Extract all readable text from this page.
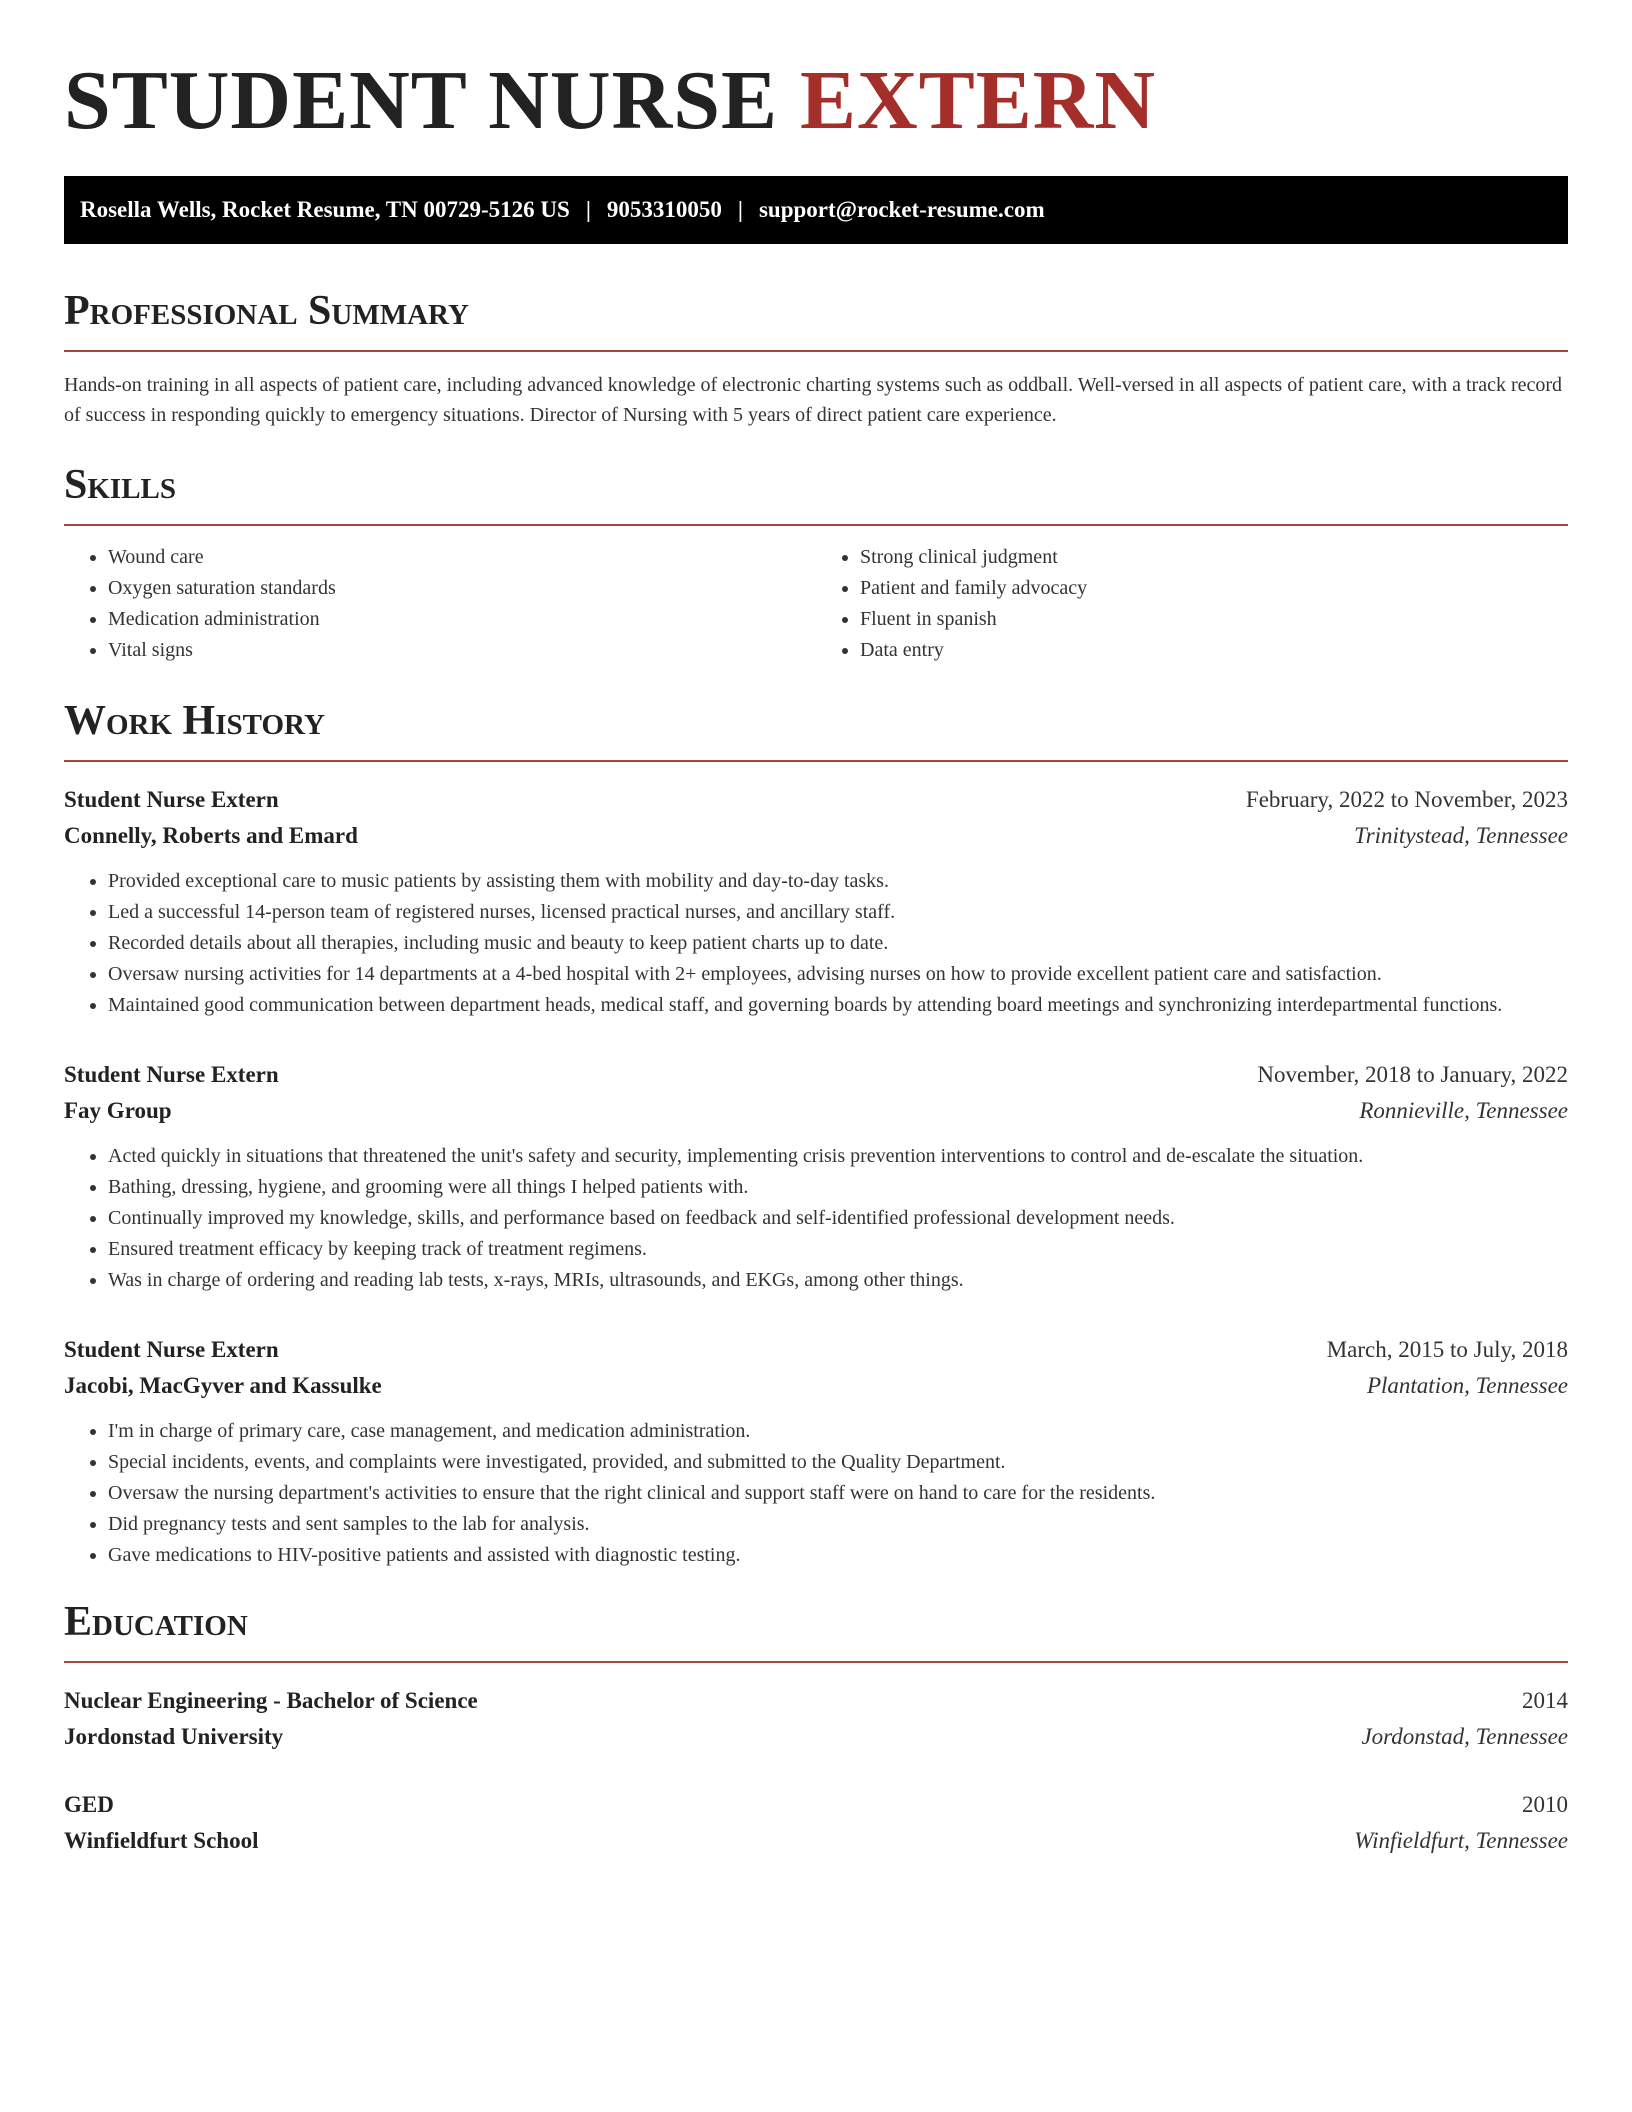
STUDENT NURSE EXTERN
Rosella Wells, Rocket Resume, TN 00729-5126 US | 9053310050 | support@rocket-resume.com
Professional Summary

Hands-on training in all aspects of patient care, including advanced knowledge of electronic charting systems such as oddball. Well-versed in all aspects of patient care, with a track record of success in responding quickly to emergency situations. Director of Nursing with 5 years of direct patient care experience.

Skills
• Wound care
• Oxygen saturation standards
• Medication administration
• Vital signs
• Strong clinical judgment
• Patient and family advocacy
• Fluent in spanish
• Data entry
Work History
Student Nurse Extern	February, 2022 to November, 2023
Connelly, Roberts and Emard	Trinitystead, Tennessee
• Provided exceptional care to music patients by assisting them with mobility and day-to-day tasks.
• Led a successful 14-person team of registered nurses, licensed practical nurses, and ancillary staff.
• Recorded details about all therapies, including music and beauty to keep patient charts up to date.
• Oversaw nursing activities for 14 departments at a 4-bed hospital with 2+ employees, advising nurses on how to provide excellent patient care and satisfaction.
• Maintained good communication between department heads, medical staff, and governing boards by attending board meetings and synchronizing interdepartmental functions.
Student Nurse Extern	November, 2018 to January, 2022
Fay Group	Ronnieville, Tennessee
• Acted quickly in situations that threatened the unit's safety and security, implementing crisis prevention interventions to control and de-escalate the situation.
• Bathing, dressing, hygiene, and grooming were all things I helped patients with.
• Continually improved my knowledge, skills, and performance based on feedback and self-identified professional development needs.
• Ensured treatment efficacy by keeping track of treatment regimens.
• Was in charge of ordering and reading lab tests, x-rays, MRIs, ultrasounds, and EKGs, among other things.
Student Nurse Extern	March, 2015 to July, 2018
Jacobi, MacGyver and Kassulke	Plantation, Tennessee
• I'm in charge of primary care, case management, and medication administration.
• Special incidents, events, and complaints were investigated, provided, and submitted to the Quality Department.
• Oversaw the nursing department's activities to ensure that the right clinical and support staff were on hand to care for the residents.
• Did pregnancy tests and sent samples to the lab for analysis.
• Gave medications to HIV-positive patients and assisted with diagnostic testing.
Education
Nuclear Engineering - Bachelor of Science	2014
Jordonstad University	Jordonstad, Tennessee
GED	2010
Winfieldfurt School	Winfieldfurt, Tennessee
